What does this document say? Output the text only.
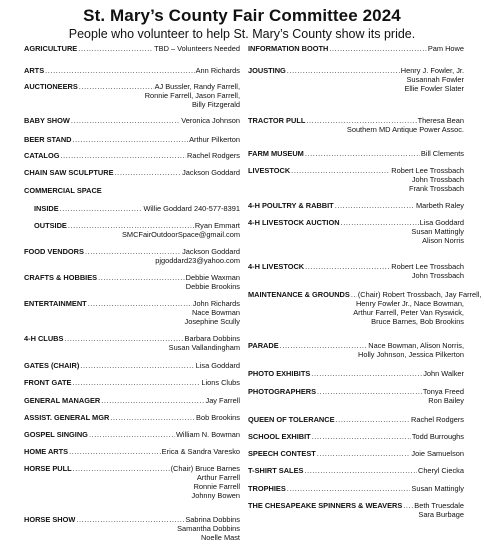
St. Mary’s County Fair Committee 2024
People who volunteer to help St. Mary’s County show its pride.
AGRICULTURE .....	TBD – Volunteers Needed
ARTS .....	Ann Richards
AUCTIONEERS .....	AJ Bussler, Randy Farrell,
Ronnie Farrell, Jason Farrell,
Billy Fitzgerald
BABY SHOW .....	Veronica Johnson
BEER STAND .....	Arthur Pilkerton
CATALOG .....	Rachel Rodgers
CHAIN SAW SCULPTURE .....	Jackson Goddard
COMMERCIAL SPACE
INSIDE .....	Willie Goddard 240-577-8391
OUTSIDE .....	Ryan Emmart
SMCFairOutdoorSpace@gmail.com
FOOD VENDORS .....	Jackson Goddard
pjgoddard23@yahoo.com
CRAFTS & HOBBIES .....	Debbie Waxman
Debbie Brookins
ENTERTAINMENT .....	John Richards
Nace Bowman
Josephine Scully
4-H CLUBS .....	Barbara Dobbins
Susan Vallandingham
GATES (CHAIR) .....	Lisa Goddard
FRONT GATE .....	Lions Clubs
GENERAL MANAGER .....	Jay Farrell
ASSIST. GENERAL MGR .....	Bob Brookins
GOSPEL SINGING .....	William N. Bowman
HOME ARTS .....	Erica & Sandra Varesko
HORSE PULL .....	(Chair) Bruce Barnes
Arthur Farrell
Ronnie Farrell
Johnny Bowen
HORSE SHOW .....	Sabrina Dobbins
Samantha Dobbins
Noelle Mast
INFORMATION BOOTH .....	Pam Howe
JOUSTING .....	Henry J. Fowler, Jr.
Susannah Fowler
Ellie Fowler Slater
TRACTOR PULL .....	Theresa Bean
Southern MD Antique Power Assoc.
FARM MUSEUM .....	Bill Clements
LIVESTOCK .....	Robert Lee Trossbach
John Trossbach
Frank Trossbach
4-H POULTRY & RABBIT .....	Marbeth Raley
4-H LIVESTOCK AUCTION .....	Lisa Goddard
Susan Mattingly
Alison Norris
4-H LIVESTOCK .....	Robert Lee Trossbach
John Trossbach
MAINTENANCE & GROUNDS ..... (Chair) Robert Trossbach, Jay Farrell,
Henry Fowler Jr., Nace Bowman,
Arthur Farrell, Peter Van Ryswick,
Bruce Barnes, Bob Brookins
PARADE .....	Nace Bowman, Alison Norris,
Holly Johnson, Jessica Pilkerton
PHOTO EXHIBITS .....	John Walker
PHOTOGRAPHERS .....	Tonya Freed
Ron Bailey
QUEEN OF TOLERANCE .....	Rachel Rodgers
SCHOOL EXHIBIT .....	Todd Burroughs
SPEECH CONTEST .....	Joie Samuelson
T-SHIRT SALES .....	Cheryl Ciecka
TROPHIES .....	Susan Mattingly
THE CHESAPEAKE SPINNERS & WEAVERS ..... Beth Truesdale
Sara Burbage
